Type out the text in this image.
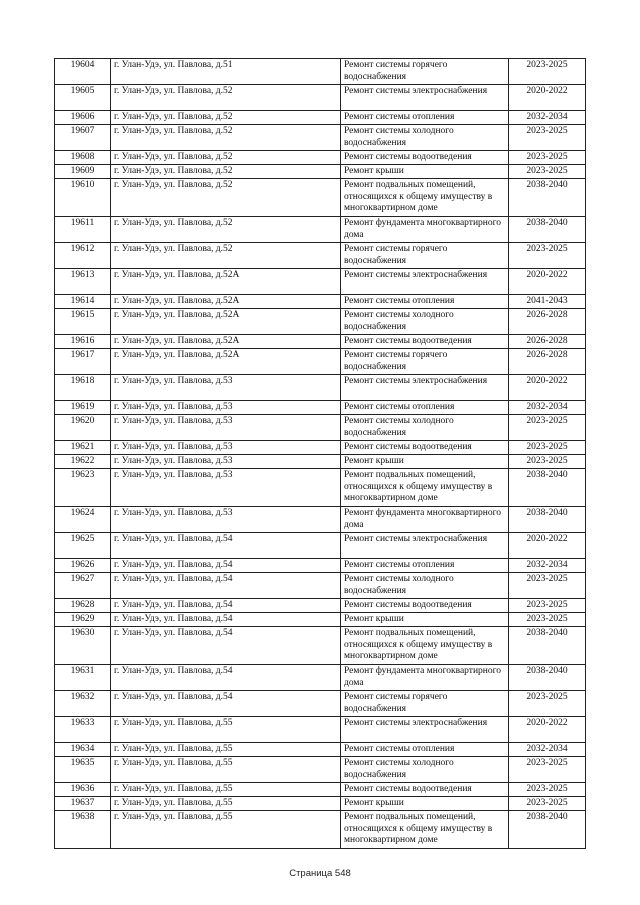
19604	г. Улан-Удэ, ул. Павлова, д.51	Ремонт системы горячего водоснабжения	2023-2025
19605	г. Улан-Удэ, ул. Павлова, д.52	Ремонт системы электроснабжения	2020-2022
19606	г. Улан-Удэ, ул. Павлова, д.52	Ремонт системы отопления	2032-2034
19607	г. Улан-Удэ, ул. Павлова, д.52	Ремонт системы холодного водоснабжения	2023-2025
19608	г. Улан-Удэ, ул. Павлова, д.52	Ремонт системы водоотведения	2023-2025
19609	г. Улан-Удэ, ул. Павлова, д.52	Ремонт крыши	2023-2025
19610	г. Улан-Удэ, ул. Павлова, д.52	Ремонт подвальных помещений, относящихся к общему имуществу в многоквартирном доме	2038-2040
19611	г. Улан-Удэ, ул. Павлова, д.52	Ремонт фундамента многоквартирного дома	2038-2040
19612	г. Улан-Удэ, ул. Павлова, д.52	Ремонт системы горячего водоснабжения	2023-2025
19613	г. Улан-Удэ, ул. Павлова, д.52А	Ремонт системы электроснабжения	2020-2022
19614	г. Улан-Удэ, ул. Павлова, д.52А	Ремонт системы отопления	2041-2043
19615	г. Улан-Удэ, ул. Павлова, д.52А	Ремонт системы холодного водоснабжения	2026-2028
19616	г. Улан-Удэ, ул. Павлова, д.52А	Ремонт системы водоотведения	2026-2028
19617	г. Улан-Удэ, ул. Павлова, д.52А	Ремонт системы горячего водоснабжения	2026-2028
19618	г. Улан-Удэ, ул. Павлова, д.53	Ремонт системы электроснабжения	2020-2022
19619	г. Улан-Удэ, ул. Павлова, д.53	Ремонт системы отопления	2032-2034
19620	г. Улан-Удэ, ул. Павлова, д.53	Ремонт системы холодного водоснабжения	2023-2025
19621	г. Улан-Удэ, ул. Павлова, д.53	Ремонт системы водоотведения	2023-2025
19622	г. Улан-Удэ, ул. Павлова, д.53	Ремонт крыши	2023-2025
19623	г. Улан-Удэ, ул. Павлова, д.53	Ремонт подвальных помещений, относящихся к общему имуществу в многоквартирном доме	2038-2040
19624	г. Улан-Удэ, ул. Павлова, д.53	Ремонт фундамента многоквартирного дома	2038-2040
19625	г. Улан-Удэ, ул. Павлова, д.54	Ремонт системы электроснабжения	2020-2022
19626	г. Улан-Удэ, ул. Павлова, д.54	Ремонт системы отопления	2032-2034
19627	г. Улан-Удэ, ул. Павлова, д.54	Ремонт системы холодного водоснабжения	2023-2025
19628	г. Улан-Удэ, ул. Павлова, д.54	Ремонт системы водоотведения	2023-2025
19629	г. Улан-Удэ, ул. Павлова, д.54	Ремонт крыши	2023-2025
19630	г. Улан-Удэ, ул. Павлова, д.54	Ремонт подвальных помещений, относящихся к общему имуществу в многоквартирном доме	2038-2040
19631	г. Улан-Удэ, ул. Павлова, д.54	Ремонт фундамента многоквартирного дома	2038-2040
19632	г. Улан-Удэ, ул. Павлова, д.54	Ремонт системы горячего водоснабжения	2023-2025
19633	г. Улан-Удэ, ул. Павлова, д.55	Ремонт системы электроснабжения	2020-2022
19634	г. Улан-Удэ, ул. Павлова, д.55	Ремонт системы отопления	2032-2034
19635	г. Улан-Удэ, ул. Павлова, д.55	Ремонт системы холодного водоснабжения	2023-2025
19636	г. Улан-Удэ, ул. Павлова, д.55	Ремонт системы водоотведения	2023-2025
19637	г. Улан-Удэ, ул. Павлова, д.55	Ремонт крыши	2023-2025
19638	г. Улан-Удэ, ул. Павлова, д.55	Ремонт подвальных помещений, относящихся к общему имуществу в многоквартирном доме	2038-2040
Страница 548
